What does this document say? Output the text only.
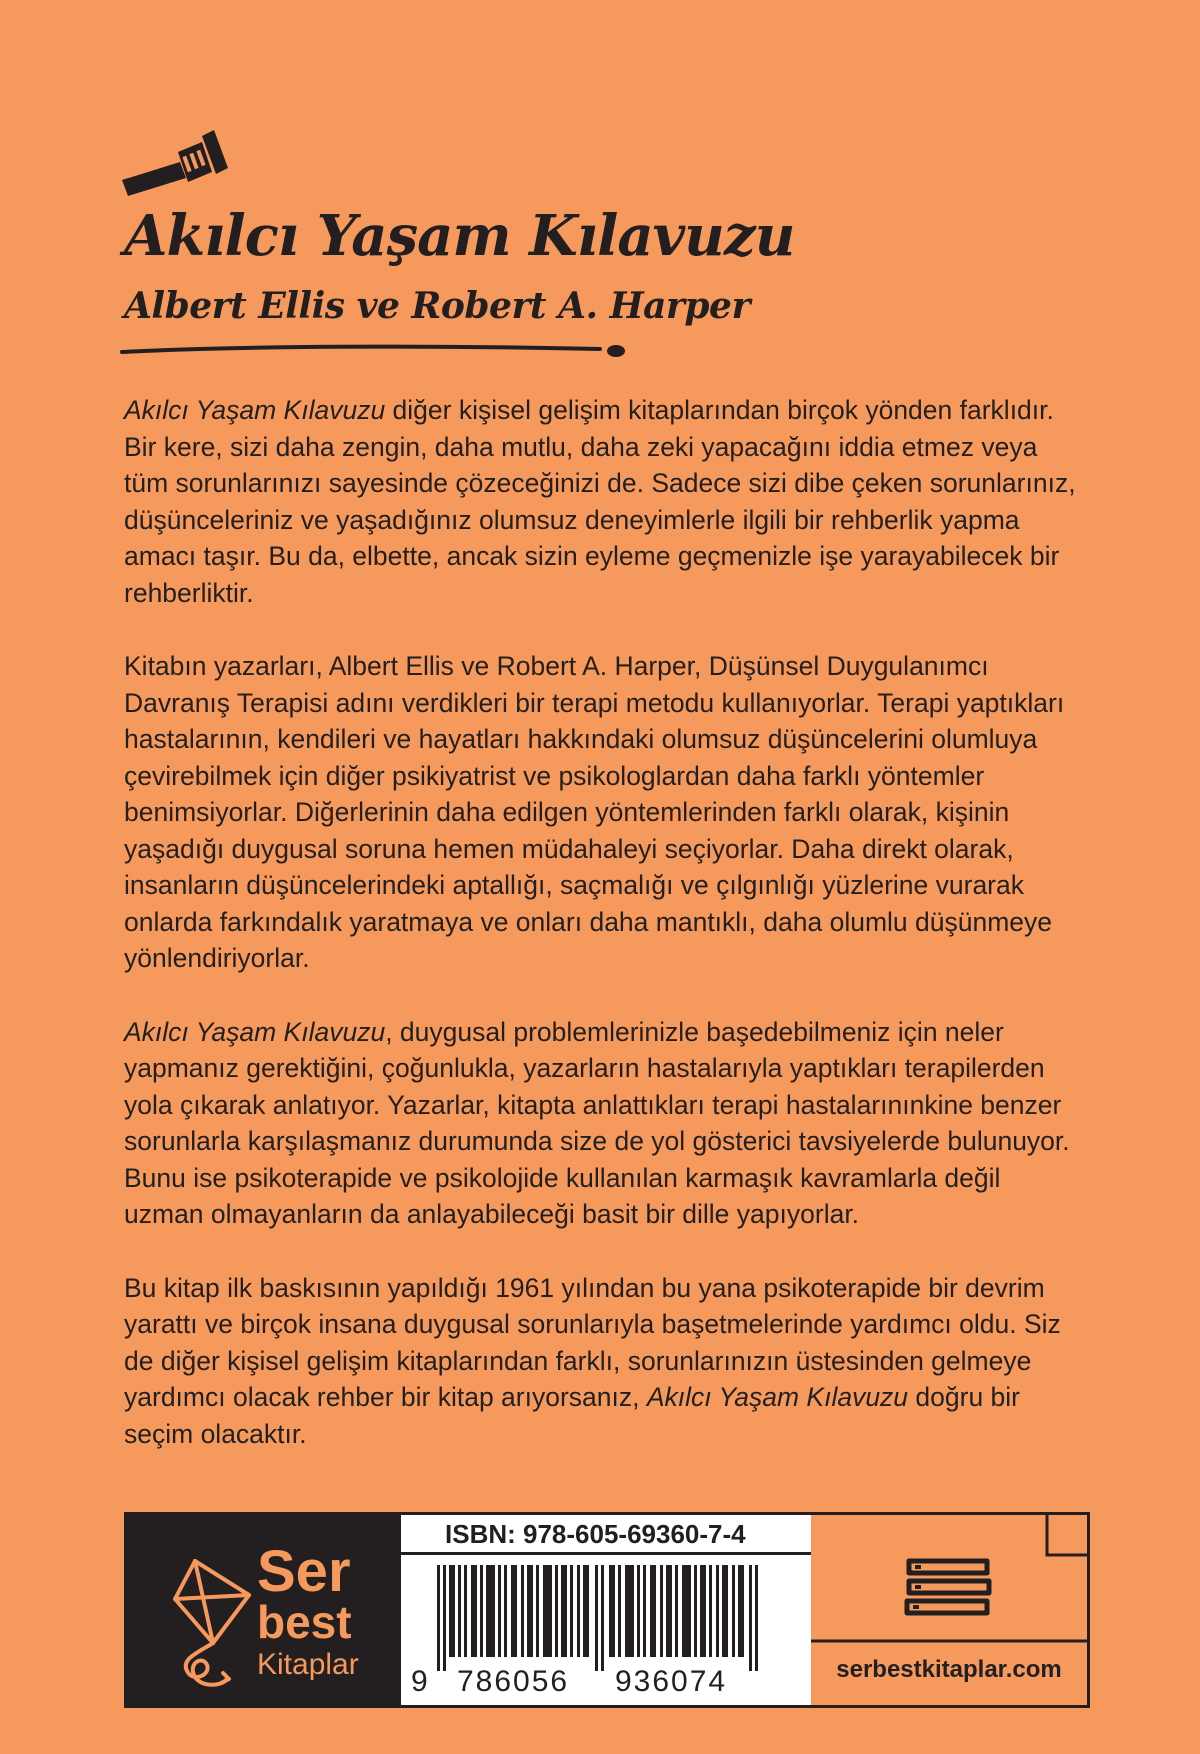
Akılcı Yaşam Kılavuzu
Albert Ellis ve Robert A. Harper

Akılcı Yaşam Kılavuzu diğer kişisel gelişim kitaplarından birçok yönden farklıdır. Bir kere, sizi daha zengin, daha mutlu, daha zeki yapacağını iddia etmez veya tüm sorunlarınızı sayesinde çözeceğinizi de. Sadece sizi dibe çeken sorunlarınız, düşünceleriniz ve yaşadığınız olumsuz deneyimlerle ilgili bir rehberlik yapma amacı taşır. Bu da, elbette, ancak sizin eyleme geçmenizle işe yarayabilecek bir rehberliktir.

Kitabın yazarları, Albert Ellis ve Robert A. Harper, Düşünsel Duygulanımcı Davranış Terapisi adını verdikleri bir terapi metodu kullanıyorlar. Terapi yaptıkları hastalarının, kendileri ve hayatları hakkındaki olumsuz düşüncelerini olumluya çevirebilmek için diğer psikiyatrist ve psikologlardan daha farklı yöntemler benimsiyorlar. Diğerlerinin daha edilgen yöntemlerinden farklı olarak, kişinin yaşadığı duygusal soruna hemen müdahaleyi seçiyorlar. Daha direkt olarak, insanların düşüncelerindeki aptallığı, saçmalığı ve çılgınlığı yüzlerine vurarak onlarda farkındalık yaratmaya ve onları daha mantıklı, daha olumlu düşünmeye yönlendiriyorlar.

Akılcı Yaşam Kılavuzu, duygusal problemlerinizle başedebilmeniz için neler yapmanız gerektiğini, çoğunlukla, yazarların hastalarıyla yaptıkları terapilerden yola çıkarak anlatıyor. Yazarlar, kitapta anlattıkları terapi hastalarınınkine benzer sorunlarla karşılaşmanız durumunda size de yol gösterici tavsiyelerde bulunuyor. Bunu ise psikoterapide ve psikolojide kullanılan karmaşık kavramlarla değil uzman olmayanların da anlayabileceği basit bir dille yapıyorlar.

Bu kitap ilk baskısının yapıldığı 1961 yılından bu yana psikoterapide bir devrim yarattı ve birçok insana duygusal sorunlarıyla başetmelerinde yardımcı oldu. Siz de diğer kişisel gelişim kitaplarından farklı, sorunlarınızın üstesinden gelmeye yardımcı olacak rehber bir kitap arıyorsanız, Akılcı Yaşam Kılavuzu doğru bir seçim olacaktır.

Ser
best
Kitaplar
ISBN: 978-605-69360-7-4
9 786056 936074	serbestkitaplar.com
